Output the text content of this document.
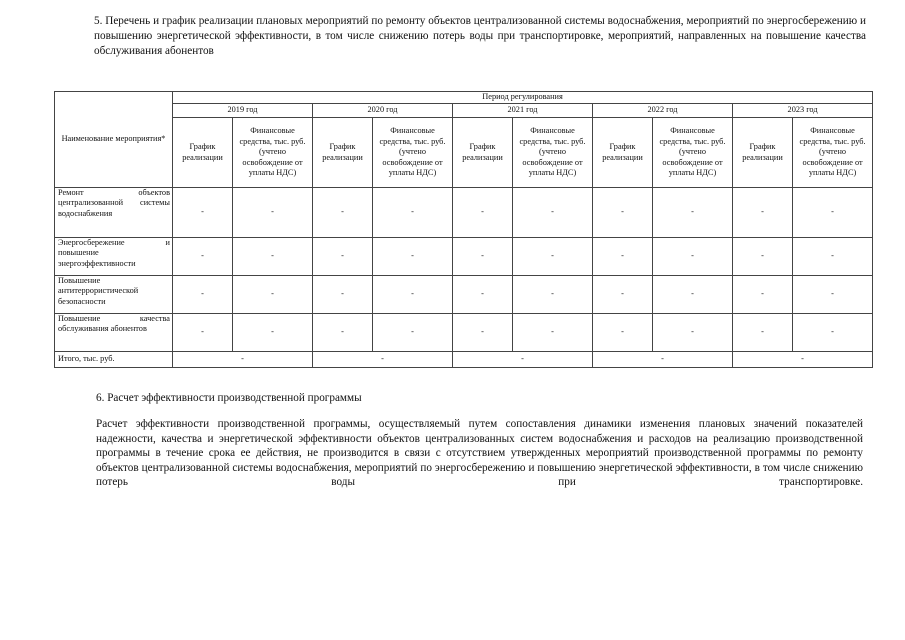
5. Перечень и график реализации плановых мероприятий по ремонту объектов централизованной системы водоснабжения, мероприятий по энергосбережению и повышению энергетической эффективности, в том числе снижению потерь воды при транспортировке, мероприятий, направленных на повышение качества обслуживания абонентов
Наименование мероприятия*	Период регулирования									
	2019 год		2020 год		2021 год		2022 год		2023 год	
	График реализации	Финансовые средства, тыс. руб. (учтено освобождение от уплаты НДС)	График реализации	Финансовые средства, тыс. руб. (учтено освобождение от уплаты НДС)	График реализации	Финансовые средства, тыс. руб. (учтено освобождение от уплаты НДС)	График реализации	Финансовые средства, тыс. руб. (учтено освобождение от уплаты НДС)	График реализации	Финансовые средства, тыс. руб. (учтено освобождение от уплаты НДС)
Ремонт объектов централизованной системы водоснабжения	-	-	-	-	-	-	-	-	-	-
Энергосбережение и повышение энергоэффективности	-	-	-	-	-	-	-	-	-	-
Повышение антитеррористической безопасности	-	-	-	-	-	-	-	-	-	-
Повышение качества обслуживания абонентов	-	-	-	-	-	-	-	-	-	-
Итого, тыс. руб.	-		-		-		-		-	
6. Расчет эффективности производственной программы
Расчет эффективности производственной программы, осуществляемый путем сопоставления динамики изменения плановых значений показателей надежности, качества и энергетической эффективности объектов централизованных систем водоснабжения и расходов на реализацию производственной программы в течение срока ее действия, не производится в связи с отсутствием утвержденных мероприятий производственной программы по ремонту объектов централизованной системы водоснабжения, мероприятий по энергосбережению и повышению энергетической эффективности, в том числе снижению потерь воды при транспортировке.
